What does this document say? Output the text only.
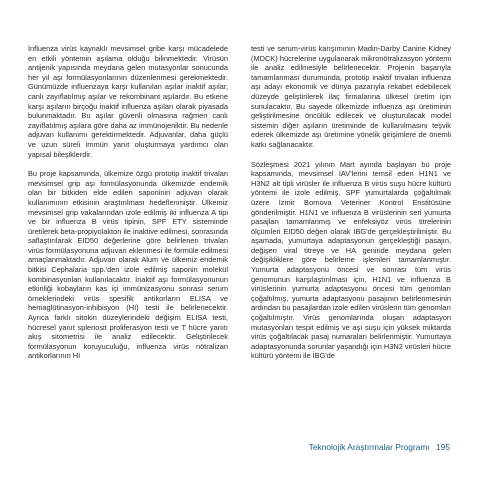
İnfluenza virüs kaynaklı mevsimsel gribe karşı mücadelede en etkili yöntemin aşılama olduğu bilinmektedir. Virüsün antijenik yapısında meydana gelen mutasyonlar sonucunda her yıl aşı formülasyonlarının düzenlenmesi gerekmektedir. Günümüzde influenzaya karşı kullanılan aşılar inaktif aşılar, canlı zayıflatılmış aşılar ve rekombinant aşılardır. Bu etkene karşı aşıların birçoğu inaktif influenza aşıları olarak piyasada bulunmaktadır. Bu aşılar güvenli olmasına rağmen canlı zayıflatılmış aşılara göre daha az immünojeniktir. Bu nedenle adjuvan kullanımı gerektirmektedir. Adjuvanlar, daha güçlü ve uzun süreli immün yanıt oluşturmaya yardımcı olan yapısal bileşiklerdir.

Bu proje kapsamında, ülkemize özgü prototip inaktif trivalan mevsimsel grip aşı formülasyonunda ülkemizde endemik olan bir bitkiden elde edilen saponinin adjuvan olarak kullanımının etkisinin araştırılması hedeflenmiştir. Ülkemiz mevsimsel grip vakalarından izole edilmiş iki influenza A tipi ve bir influenza B virüs tipinin, SPF ETY sisteminde üretilerek beta-propiyolakton ile inaktive edilmesi, sonrasında saflaştırılarak EID50 değerlerine göre belirlenen trivalan virüs formülasyonuna adjuvan eklenmesi ile formüle edilmesi amaçlanmaktadır. Adjuvan olarak Alum ve ülkemiz endemik bitkisi Cephalaria spp.'den izole edilmiş saponin molekül kombinasyonları kullanılacaktır. İnaktif aşı formülasyonunun etkinliği kobayların kas içi immünizasyonu sonrası serum örneklerindeki virüs spesifik antikorların ELISA ve hemaglütinasyon-inhibisyon (HI) testi ile belirlenecektir. Ayrıca farklı sitokin düzeylerindeki değişim ELISA testi, hücresel yanıt splenosit proliferasyon testi ve T hücre yanıtı akış sitometrisi ile analiz edilecektir. Geliştirilecek formülasyonun koruyuculuğu, influenza virüs nötralizan antikorlarının HI

testi ve serum-virüs karışımının Madin-Darby Canine Kidney (MDCK) hücrelerine uygulanarak mikronötralizasyon yöntemi ile analiz edilmesiyle belirlenecektir. Projenin başarıyla tamamlanması durumunda, prototip inaktif trivalan influenza aşı adayı ekonomik ve dünya pazarıyla rekabet edebilecek düzeyde geliştirilerek ilaç firmalarına ülkesel üretim için sunulacaktır. Bu sayede ülkemizde influenza aşı üretiminin geliştirilmesine öncülük edilecek ve oluşturulacak model sistemin diğer aşıların üretiminde de kullanılmasını teşvik ederek ülkemizde aşı üretimine yönelik girişimlere de önemli katkı sağlanacaktır.

Sözleşmesi 2021 yılının Mart ayında başlayan bu proje kapsamında, mevsimsel IAV'lerini temsil eden H1N1 ve H3N2 alt tipli virüsler ile influenza B virüs suşu hücre kültürü yöntemi ile izole edilmiş. SPF yumurtalarda çoğaltılmak üzere İzmir Bornova Veteriner Kontrol Enstitüsüne gönderilmiştir. H1N1 ve influenza B virüslerinin seri yumurta pasajları tamamlanmış ve enfeksiyöz virüs titrelerinin ölçümleri EID50 değeri olarak IBG'de gerçekleştirilmiştir. Bu aşamada, yumurtaya adaptasyonun gerçekleştiği pasajın, değişen viral titreye ve HA geninde meydana gelen değişikliklere göre belirleme işlemleri tamamlanmıştır. Yumurta adaptasyonu öncesi ve sonrası tüm virüs genomunun karşılaştırılması için, H1N1 ve influenza B virüslerinin yumurta adaptasyonu öncesi tüm genomları çoğaltılmış, yumurta adaptasyonu pasajının belirlenmesinin ardından bu pasajlardan izole edilen virüslerin tüm genomları çoğaltılmıştır. Virüs genomlarında oluşan adaptasyon mutasyonları tespit edilmiş ve aşı suşu için yüksek miktarda virüs çoğaltılacak pasaj numaraları belirlenmiştir. Yumurtaya adaptasyonunda sorunlar yaşandığı için H3N2 virüsleri hücre kültürü yöntemi ile İBG'de

Teknolojik Araştırmalar Programı 195
